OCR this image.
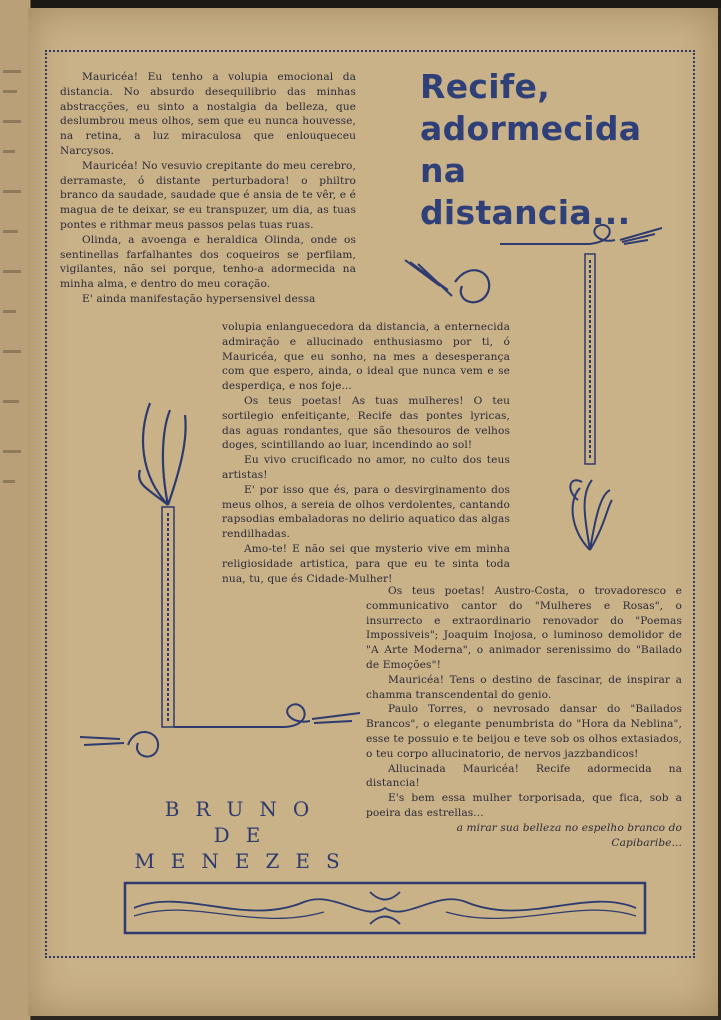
Recife,
adormecida
na
distancia...

Mauricéa! Eu tenho a volupia emocional da distancia. No absurdo desequilibrio das minhas abstracções, eu sinto a nostalgia da belleza, que deslumbrou meus olhos, sem que eu nunca houvesse, na retina, a luz miraculosa que enlouqueceu Narcysos.

Mauricéa! No vesuvio crepitante do meu cerebro, derramaste, ó distante perturbadora! o philtro branco da saudade, saudade que é ansia de te vêr, e é magua de te deixar, se eu transpuzer, um dia, as tuas pontes e rithmar meus passos pelas tuas ruas.

Olinda, a avoenga e heraldica Olinda, onde os sentinellas farfalhantes dos coqueiros se perfilam, vigilantes, não sei porque, tenho-a adormecida na minha alma, e dentro do meu coração.

E' ainda manifestação hypersensivel dessa

volupia enlanguecedora da distancia, a enternecida admiração e allucinado enthusiasmo por ti, ó Mauricéa, que eu sonho, na mes a desesperança com que espero, ainda, o ideal que nunca vem e se desperdiça, e nos foje...

Os teus poetas! As tuas mulheres! O teu sortilegio enfeitiçante, Recife das pontes lyricas, das aguas rondantes, que são thesouros de velhos doges, scintillando ao luar, incendindo ao sol!

Eu vivo crucificado no amor, no culto dos teus artistas!

E' por isso que és, para o desvirginamento dos meus olhos, a sereia de olhos verdolentes, cantando rapsodias embaladoras no delirio aquatico das algas rendilhadas.

Amo-te! E não sei que mysterio vive em minha religiosidade artistica, para que eu te sinta toda nua, tu, que és Cidade-Mulher!

Os teus poetas! Austro-Costa, o trovadoresco e communicativo cantor do "Mulheres e Rosas", o insurrecto e extraordinario renovador do "Poemas Impossiveis"; Joaquim Inojosa, o luminoso demolidor de "A Arte Moderna", o animador serenissimo do "Bailado de Emoções"!

Mauricéa! Tens o destino de fascinar, de inspirar a chamma transcendental do genio.

Paulo Torres, o nevrosado dansar do "Bailados Brancos", o elegante penumbrista do "Hora da Neblina", esse te possuio e te beijou e teve sob os olhos extasiados, o teu corpo allucinatorio, de nervos jazzbandicos!

Allucinada Mauricéa! Recife adormecida na distancia!

E's bem essa mulher torporisada, que fica, sob a poeira das estrellas...

a mirar sua belleza no espelho branco do Capibaribe...

BRUNO
DE
MENEZES
